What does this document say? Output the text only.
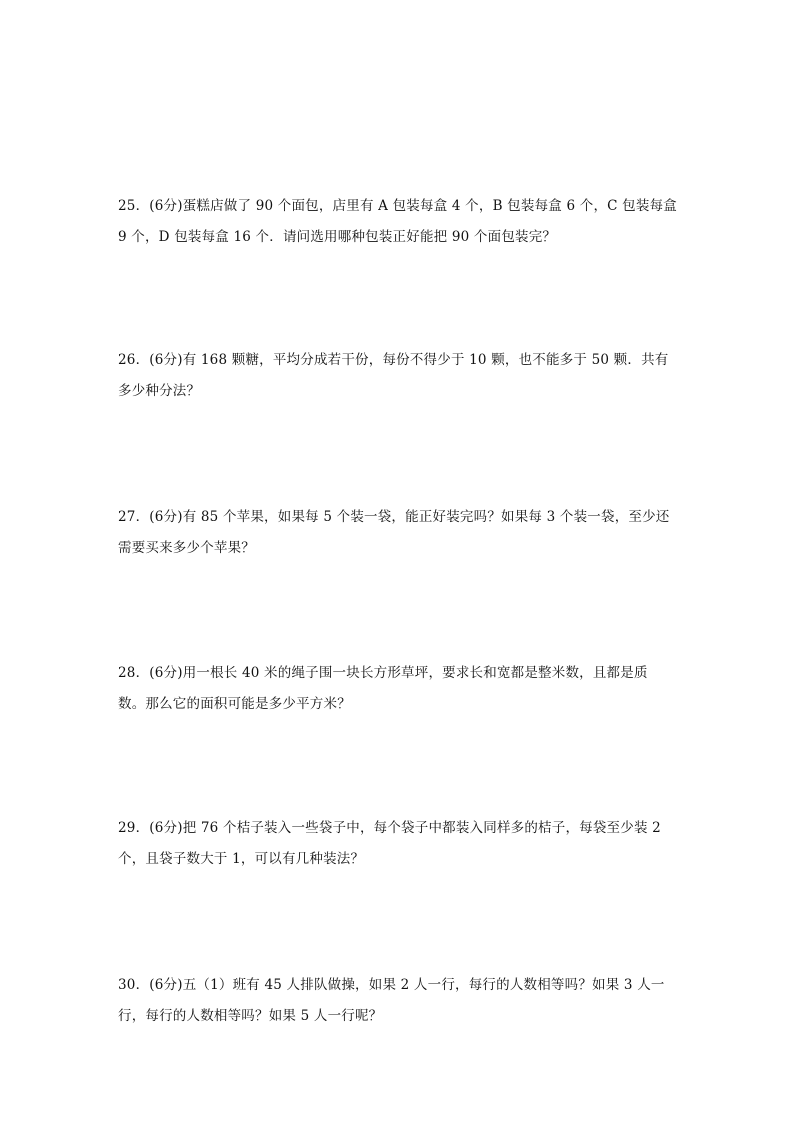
25．(6分)蛋糕店做了 90 个面包，店里有 A 包装每盒 4 个，B 包装每盒 6 个，C 包装每盒
9 个，D 包装每盒 16 个．请问选用哪种包装正好能把 90 个面包装完？
26．(6分)有 168 颗糖，平均分成若干份，每份不得少于 10 颗，也不能多于 50 颗．共有
多少种分法？
27．(6分)有 85 个苹果，如果每 5 个装一袋，能正好装完吗？如果每 3 个装一袋，至少还
需要买来多少个苹果？
28．(6分)用一根长 40 米的绳子围一块长方形草坪，要求长和宽都是整米数，且都是质
数。那么它的面积可能是多少平方米？
29．(6分)把 76 个桔子装入一些袋子中，每个袋子中都装入同样多的桔子，每袋至少装 2
个，且袋子数大于 1，可以有几种装法？
30．(6分)五（1）班有 45 人排队做操，如果 2 人一行，每行的人数相等吗？如果 3 人一
行，每行的人数相等吗？如果 5 人一行呢？
